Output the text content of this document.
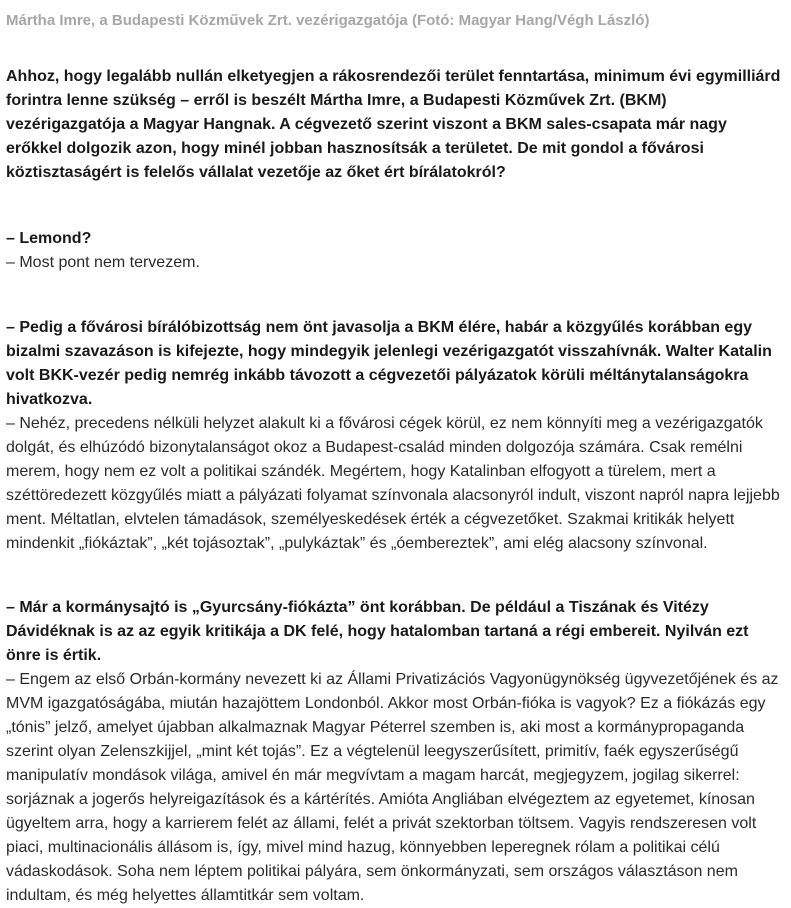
Mártha Imre, a Budapesti Közművek Zrt. vezérigazgatója (Fotó: Magyar Hang/Végh László)

Ahhoz, hogy legalább nullán elketyegjen a rákosrendezői terület fenntartása, minimum évi egymilliárd forintra lenne szükség – erről is beszélt Mártha Imre, a Budapesti Közművek Zrt. (BKM) vezérigazgatója a Magyar Hangnak. A cégvezető szerint viszont a BKM sales-csapata már nagy erőkkel dolgozik azon, hogy minél jobban hasznosítsák a területet. De mit gondol a fővárosi köztisztaságért is felelős vállalat vezetője az őket ért bírálatokról?

– Lemond?

– Most pont nem tervezem.

– Pedig a fővárosi bírálóbizottság nem önt javasolja a BKM élére, habár a közgyűlés korábban egy bizalmi szavazáson is kifejezte, hogy mindegyik jelenlegi vezérigazgatót visszahívnák. Walter Katalin volt BKK-vezér pedig nemrég inkább távozott a cégvezetői pályázatok körüli méltánytalanságokra hivatkozva.

– Nehéz, precedens nélküli helyzet alakult ki a fővárosi cégek körül, ez nem könnyíti meg a vezérigazgatók dolgát, és elhúzódó bizonytalanságot okoz a Budapest-család minden dolgozója számára. Csak remélni merem, hogy nem ez volt a politikai szándék. Megértem, hogy Katalinban elfogyott a türelem, mert a széttöredezett közgyűlés miatt a pályázati folyamat színvonala alacsonyról indult, viszont napról napra lejjebb ment. Méltatlan, elvtelen támadások, személyeskedések érték a cégvezetőket. Szakmai kritikák helyett mindenkit „fiókáztak”, „két tojásoztak”, „pulykáztak” és „óembereztek”, ami elég alacsony színvonal.

– Már a kormánysajtó is „Gyurcsány-fiókázta” önt korábban. De például a Tiszának és Vitézy Dávidéknak is az az egyik kritikája a DK felé, hogy hatalomban tartaná a régi embereit. Nyilván ezt önre is értik.

– Engem az első Orbán-kormány nevezett ki az Állami Privatizációs Vagyonügynökség ügyvezetőjének és az MVM igazgatóságába, miután hazajöttem Londonból. Akkor most Orbán-fióka is vagyok? Ez a fiókázás egy „tónis” jelző, amelyet újabban alkalmaznak Magyar Péterrel szemben is, aki most a kormánypropaganda szerint olyan Zelenszkijjel, „mint két tojás”. Ez a végtelenül leegyszerűsített, primitív, faék egyszerűségű manipulatív mondások világa, amivel én már megvívtam a magam harcát, megjegyzem, jogilag sikerrel: sorjáznak a jogerős helyreigazítások és a kártérítés. Amióta Angliában elvégeztem az egyetemet, kínosan ügyeltem arra, hogy a karrierem felét az állami, felét a privát szektorban töltsem. Vagyis rendszeresen volt piaci, multinacionális állásom is, így, mivel mind hazug, könnyebben leperegnek rólam a politikai célú vádaskodások. Soha nem léptem politikai pályára, sem önkormányzati, sem országos választáson nem indultam, és még helyettes államtitkár sem voltam.
